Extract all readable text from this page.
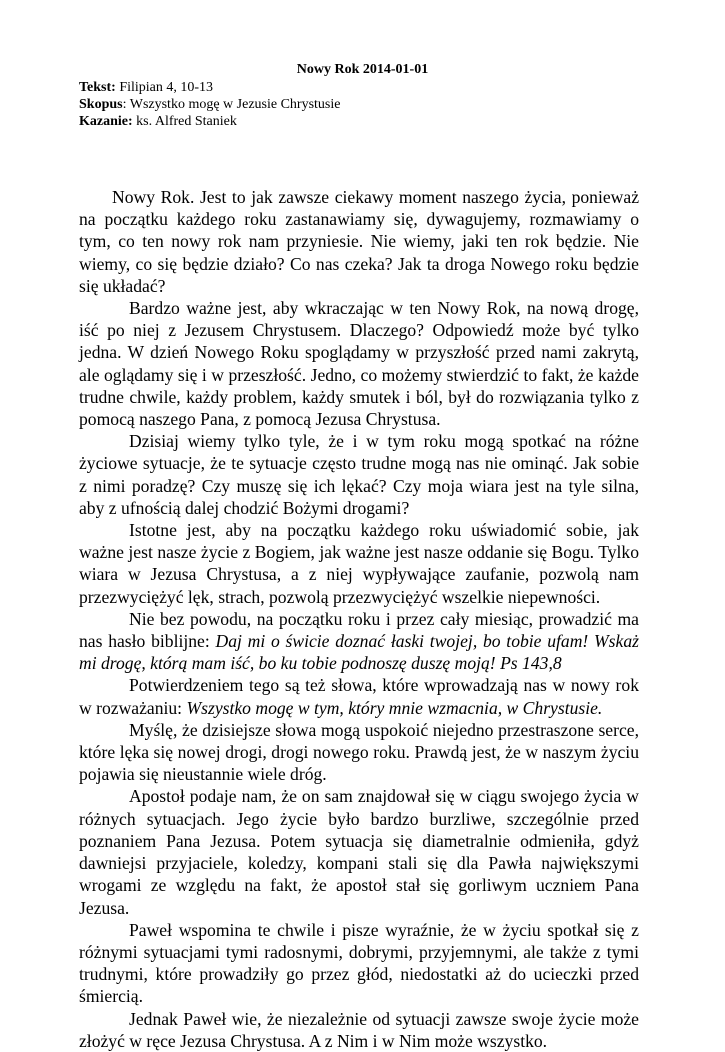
Nowy Rok 2014-01-01
Tekst: Filipian 4, 10-13
Skopus: Wszystko mogę w Jezusie Chrystusie
Kazanie: ks. Alfred Staniek

Nowy Rok. Jest to jak zawsze ciekawy moment naszego życia, ponieważ na początku każdego roku zastanawiamy się, dywagujemy, rozmawiamy o tym, co ten nowy rok nam przyniesie. Nie wiemy, jaki ten rok będzie. Nie wiemy, co się będzie działo? Co nas czeka? Jak ta droga Nowego roku będzie się układać?

Bardzo ważne jest, aby wkraczając w ten Nowy Rok, na nową drogę, iść po niej z Jezusem Chrystusem. Dlaczego? Odpowiedź może być tylko jedna. W dzień Nowego Roku spoglądamy w przyszłość przed nami zakrytą, ale oglądamy się i w przeszłość. Jedno, co możemy stwierdzić to fakt, że każde trudne chwile, każdy problem, każdy smutek i ból, był do rozwiązania tylko z pomocą naszego Pana, z pomocą Jezusa Chrystusa.

Dzisiaj wiemy tylko tyle, że i w tym roku mogą spotkać na różne życiowe sytuacje, że te sytuacje często trudne mogą nas nie ominąć. Jak sobie z nimi poradzę? Czy muszę się ich lękać? Czy moja wiara jest na tyle silna, aby z ufnością dalej chodzić Bożymi drogami?

Istotne jest, aby na początku każdego roku uświadomić sobie, jak ważne jest nasze życie z Bogiem, jak ważne jest nasze oddanie się Bogu. Tylko wiara w Jezusa Chrystusa, a z niej wypływające zaufanie, pozwolą nam przezwyciężyć lęk, strach, pozwolą przezwyciężyć wszelkie niepewności.

Nie bez powodu, na początku roku i przez cały miesiąc, prowadzić ma nas hasło biblijne: Daj mi o świcie doznać łaski twojej, bo tobie ufam! Wskaż mi drogę, którą mam iść, bo ku tobie podnoszę duszę moją! Ps 143,8

Potwierdzeniem tego są też słowa, które wprowadzają nas w nowy rok w rozważaniu: Wszystko mogę w tym, który mnie wzmacnia, w Chrystusie.

Myślę, że dzisiejsze słowa mogą uspokoić niejedno przestraszone serce, które lęka się nowej drogi, drogi nowego roku. Prawdą jest, że w naszym życiu pojawia się nieustannie wiele dróg.

Apostoł podaje nam, że on sam znajdował się w ciągu swojego życia w różnych sytuacjach. Jego życie było bardzo burzliwe, szczególnie przed poznaniem Pana Jezusa. Potem sytuacja się diametralnie odmieniła, gdyż dawniejsi przyjaciele, koledzy, kompani stali się dla Pawła największymi wrogami ze względu na fakt, że apostoł stał się gorliwym uczniem Pana Jezusa.

Paweł wspomina te chwile i pisze wyraźnie, że w życiu spotkał się z różnymi sytuacjami tymi radosnymi, dobrymi, przyjemnymi, ale także z tymi trudnymi, które prowadziły go przez głód, niedostatki aż do ucieczki przed śmiercią.

Jednak Paweł wie, że niezależnie od sytuacji zawsze swoje życie może złożyć w ręce Jezusa Chrystusa. A z Nim i w Nim może wszystko.
